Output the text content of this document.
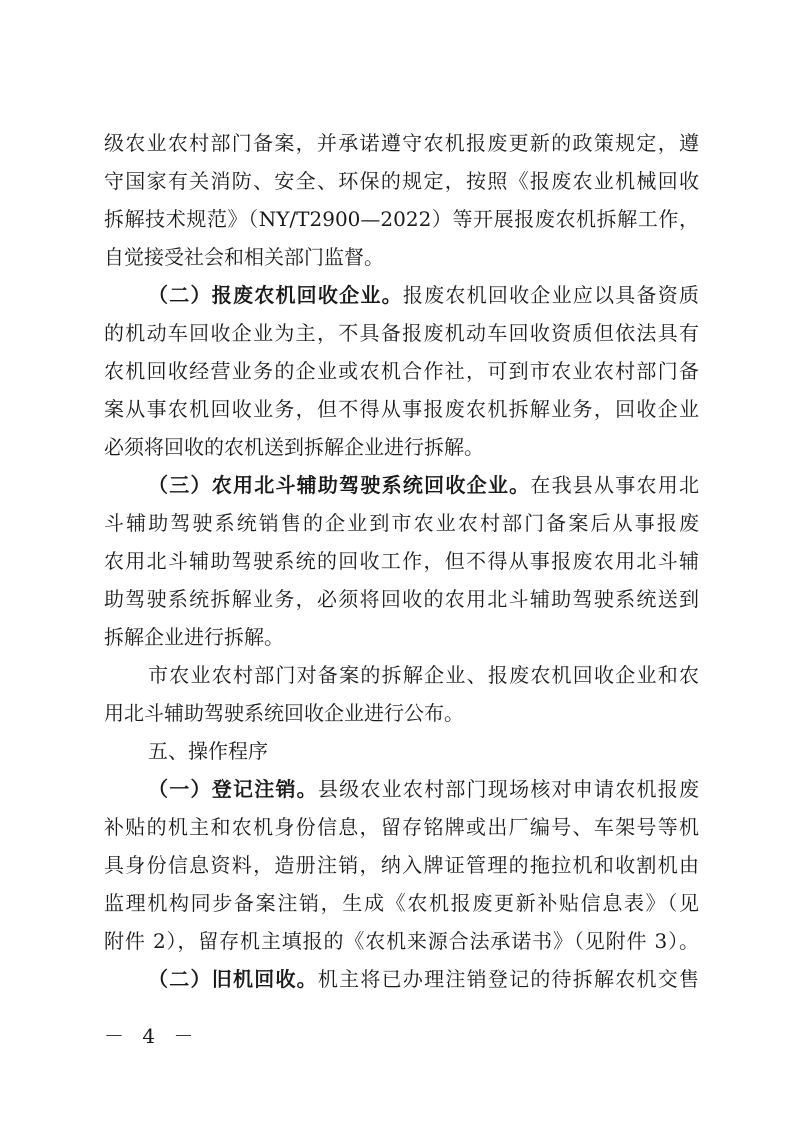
级农业农村部门备案，并承诺遵守农机报废更新的政策规定，遵
守国家有关消防、安全、环保的规定，按照《报废农业机械回收
拆解技术规范》（NY/T2900—2022）等开展报废农机拆解工作，
自觉接受社会和相关部门监督。
（二）报废农机回收企业。报废农机回收企业应以具备资质
的机动车回收企业为主，不具备报废机动车回收资质但依法具有
农机回收经营业务的企业或农机合作社，可到市农业农村部门备
案从事农机回收业务，但不得从事报废农机拆解业务，回收企业
必须将回收的农机送到拆解企业进行拆解。
（三）农用北斗辅助驾驶系统回收企业。在我县从事农用北
斗辅助驾驶系统销售的企业到市农业农村部门备案后从事报废
农用北斗辅助驾驶系统的回收工作，但不得从事报废农用北斗辅
助驾驶系统拆解业务，必须将回收的农用北斗辅助驾驶系统送到
拆解企业进行拆解。
市农业农村部门对备案的拆解企业、报废农机回收企业和农
用北斗辅助驾驶系统回收企业进行公布。
五、操作程序
（一）登记注销。县级农业农村部门现场核对申请农机报废
补贴的机主和农机身份信息，留存铭牌或出厂编号、车架号等机
具身份信息资料，造册注销，纳入牌证管理的拖拉机和收割机由
监理机构同步备案注销，生成《农机报废更新补贴信息表》（见
附件 2），留存机主填报的《农机来源合法承诺书》（见附件 3）。
（二）旧机回收。机主将已办理注销登记的待拆解农机交售
－ 4 －
